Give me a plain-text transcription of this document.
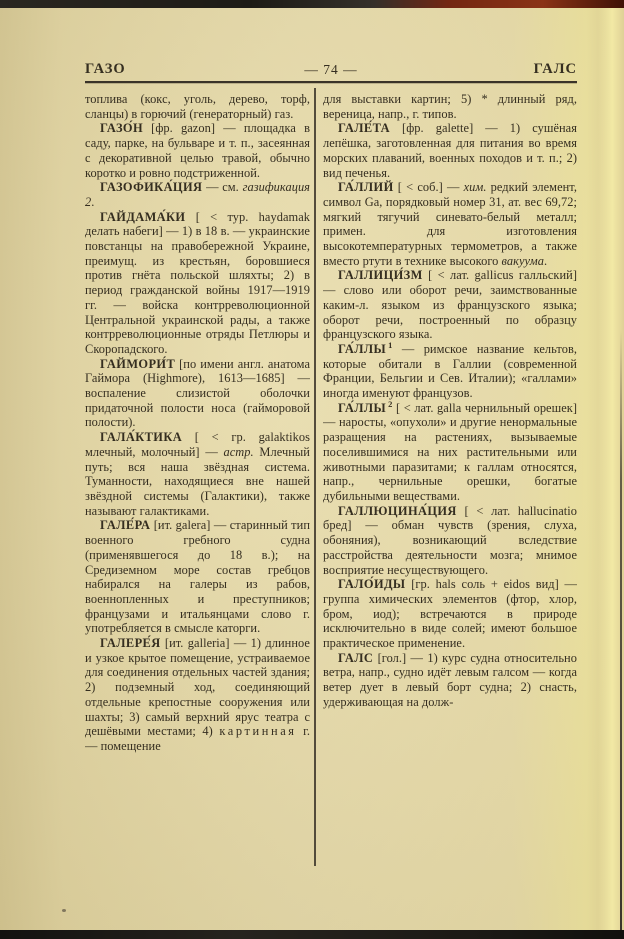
ГАЗО	— 74 —	ГАЛС

топлива (кокс, уголь, дерево, торф, сланцы) в горючий (генераторный) газ.

ГАЗО́Н [фр. gazon] — площадка в саду, парке, на бульваре и т. п., засеянная с декоративной целью травой, обычно коротко и ровно подстриженной.

ГАЗОФИКА́ЦИЯ — см. газификация 2.

ГАЙДАМА́КИ [ < тур. haydamak делать набеги] — 1) в 18 в. — украинские повстанцы на правобережной Украине, преимущ. из крестьян, боровшиеся против гнёта польской шляхты; 2) в период гражданской войны 1917—1919 гг. — войска контрреволюционной Центральной украинской рады, а также контрреволюционные отряды Петлюры и Скоропадского.

ГАЙМОРИ́Т [по имени англ. анатома Гаймора (Highmore), 1613—1685] — воспаление слизистой оболочки придаточной полости носа (гайморовой полости).

ГАЛА́КТИКА [ < гр. galaktikos млечный, молочный] — астр. Млечный путь; вся наша звёздная система. Туманности, находящиеся вне нашей звёздной системы (Галактики), также называют галактиками.

ГАЛЕ́РА [ит. galera] — старинный тип военного гребного судна (применявшегося до 18 в.); на Средиземном море состав гребцов набирался на галеры из рабов, военнопленных и преступников; французами и итальянцами слово г. употребляется в смысле каторги.

ГАЛЕРЕ́Я [ит. galleria] — 1) длинное и узкое крытое помещение, устраиваемое для соединения отдельных частей здания; 2) подземный ход, соединяющий отдельные крепостные сооружения или шахты; 3) самый верхний ярус театра с дешёвыми местами; 4) картинная г. — помещение

для выставки картин; 5) * длинный ряд, вереница, напр., г. типов.

ГАЛЕ́ТА [фр. galette] — 1) сушёная лепёшка, заготовленная для питания во время морских плаваний, военных походов и т. п.; 2) вид печенья.

ГА́ЛЛИЙ [ < соб.] — хим. редкий элемент, символ Ga, порядковый номер 31, ат. вес 69,72; мягкий тягучий синевато-белый металл; примен. для изготовления высокотемпературных термометров, а также вместо ртути в технике высокого вакуума.

ГАЛЛИЦИ́ЗМ [ < лат. gallicus галльский] — слово или оборот речи, заимствованные каким-л. языком из французского языка; оборот речи, построенный по образцу французского языка.

ГА́ЛЛЫ $^1$ — римское название кельтов, которые обитали в Галлии (современной Франции, Бельгии и Сев. Италии); «галлами» иногда именуют французов.

ГА́ЛЛЫ $^2$ [ < лат. galla чернильный орешек] — наросты, «опухоли» и другие ненормальные разращения на растениях, вызываемые поселившимися на них растительными или животными паразитами; к галлам относятся, напр., чернильные орешки, богатые дубильными веществами.

ГАЛЛЮЦИНА́ЦИЯ [ < лат. hallucinatio бред] — обман чувств (зрения, слуха, обоняния), возникающий вследствие расстройства деятельности мозга; мнимое восприятие несуществующего.

ГАЛО́ИДЫ [гр. hals соль + eidos вид] — группа химических элементов (фтор, хлор, бром, иод); встречаются в природе исключительно в виде солей; имеют большое практическое применение.

ГАЛС [гол.] — 1) курс судна относительно ветра, напр., судно идёт левым галсом — когда ветер дует в левый борт судна; 2) снасть, удерживающая на долж-
